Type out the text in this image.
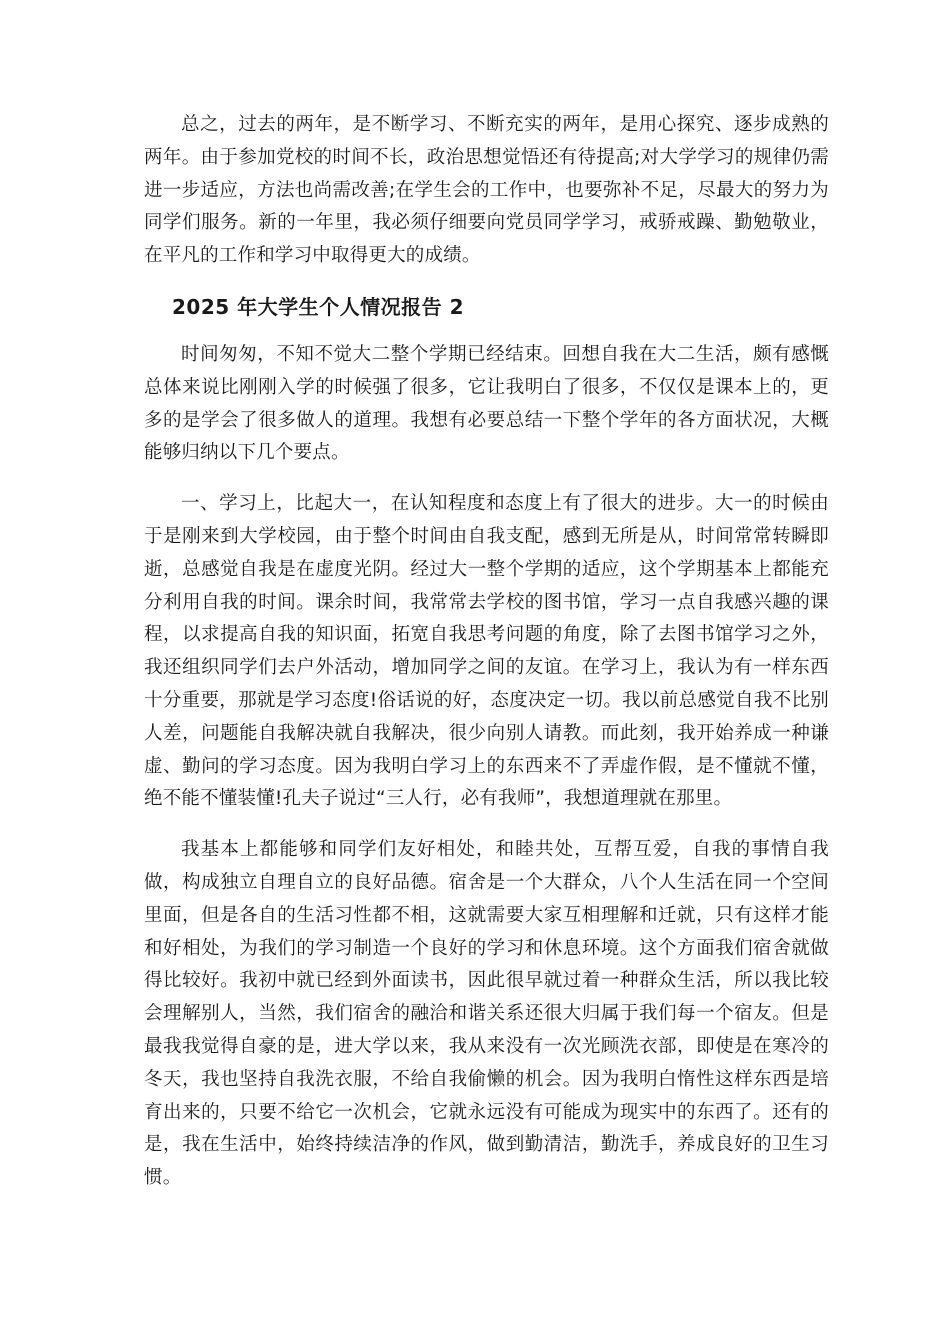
总之，过去的两年，是不断学习、不断充实的两年，是用心探究、逐步成熟的两年。由于参加党校的时间不长，政治思想觉悟还有待提高;对大学学习的规律仍需进一步适应，方法也尚需改善;在学生会的工作中，也要弥补不足，尽最大的努力为同学们服务。新的一年里，我必须仔细要向党员同学学习，戒骄戒躁、勤勉敬业，在平凡的工作和学习中取得更大的成绩。

2025 年大学生个人情况报告 2

时间匆匆，不知不觉大二整个学期已经结束。回想自我在大二生活，颇有感慨总体来说比刚刚入学的时候强了很多，它让我明白了很多，不仅仅是课本上的，更多的是学会了很多做人的道理。我想有必要总结一下整个学年的各方面状况，大概能够归纳以下几个要点。

一、学习上，比起大一，在认知程度和态度上有了很大的进步。大一的时候由于是刚来到大学校园，由于整个时间由自我支配，感到无所是从，时间常常转瞬即逝，总感觉自我是在虚度光阴。经过大一整个学期的适应，这个学期基本上都能充分利用自我的时间。课余时间，我常常去学校的图书馆，学习一点自我感兴趣的课程，以求提高自我的知识面，拓宽自我思考问题的角度，除了去图书馆学习之外，我还组织同学们去户外活动，增加同学之间的友谊。在学习上，我认为有一样东西十分重要，那就是学习态度!俗话说的好，态度决定一切。我以前总感觉自我不比别人差，问题能自我解决就自我解决，很少向别人请教。而此刻，我开始养成一种谦虚、勤问的学习态度。因为我明白学习上的东西来不了弄虚作假，是不懂就不懂，绝不能不懂装懂!孔夫子说过“三人行，必有我师”，我想道理就在那里。

我基本上都能够和同学们友好相处，和睦共处，互帮互爱，自我的事情自我做，构成独立自理自立的良好品德。宿舍是一个大群众，八个人生活在同一个空间里面，但是各自的生活习性都不相，这就需要大家互相理解和迁就，只有这样才能和好相处，为我们的学习制造一个良好的学习和休息环境。这个方面我们宿舍就做得比较好。我初中就已经到外面读书，因此很早就过着一种群众生活，所以我比较会理解别人，当然，我们宿舍的融洽和谐关系还很大归属于我们每一个宿友。但是最我我觉得自豪的是，进大学以来，我从来没有一次光顾洗衣部，即使是在寒冷的冬天，我也坚持自我洗衣服，不给自我偷懒的机会。因为我明白惰性这样东西是培育出来的，只要不给它一次机会，它就永远没有可能成为现实中的东西了。还有的是，我在生活中，始终持续洁净的作风，做到勤清洁，勤洗手，养成良好的卫生习惯。
